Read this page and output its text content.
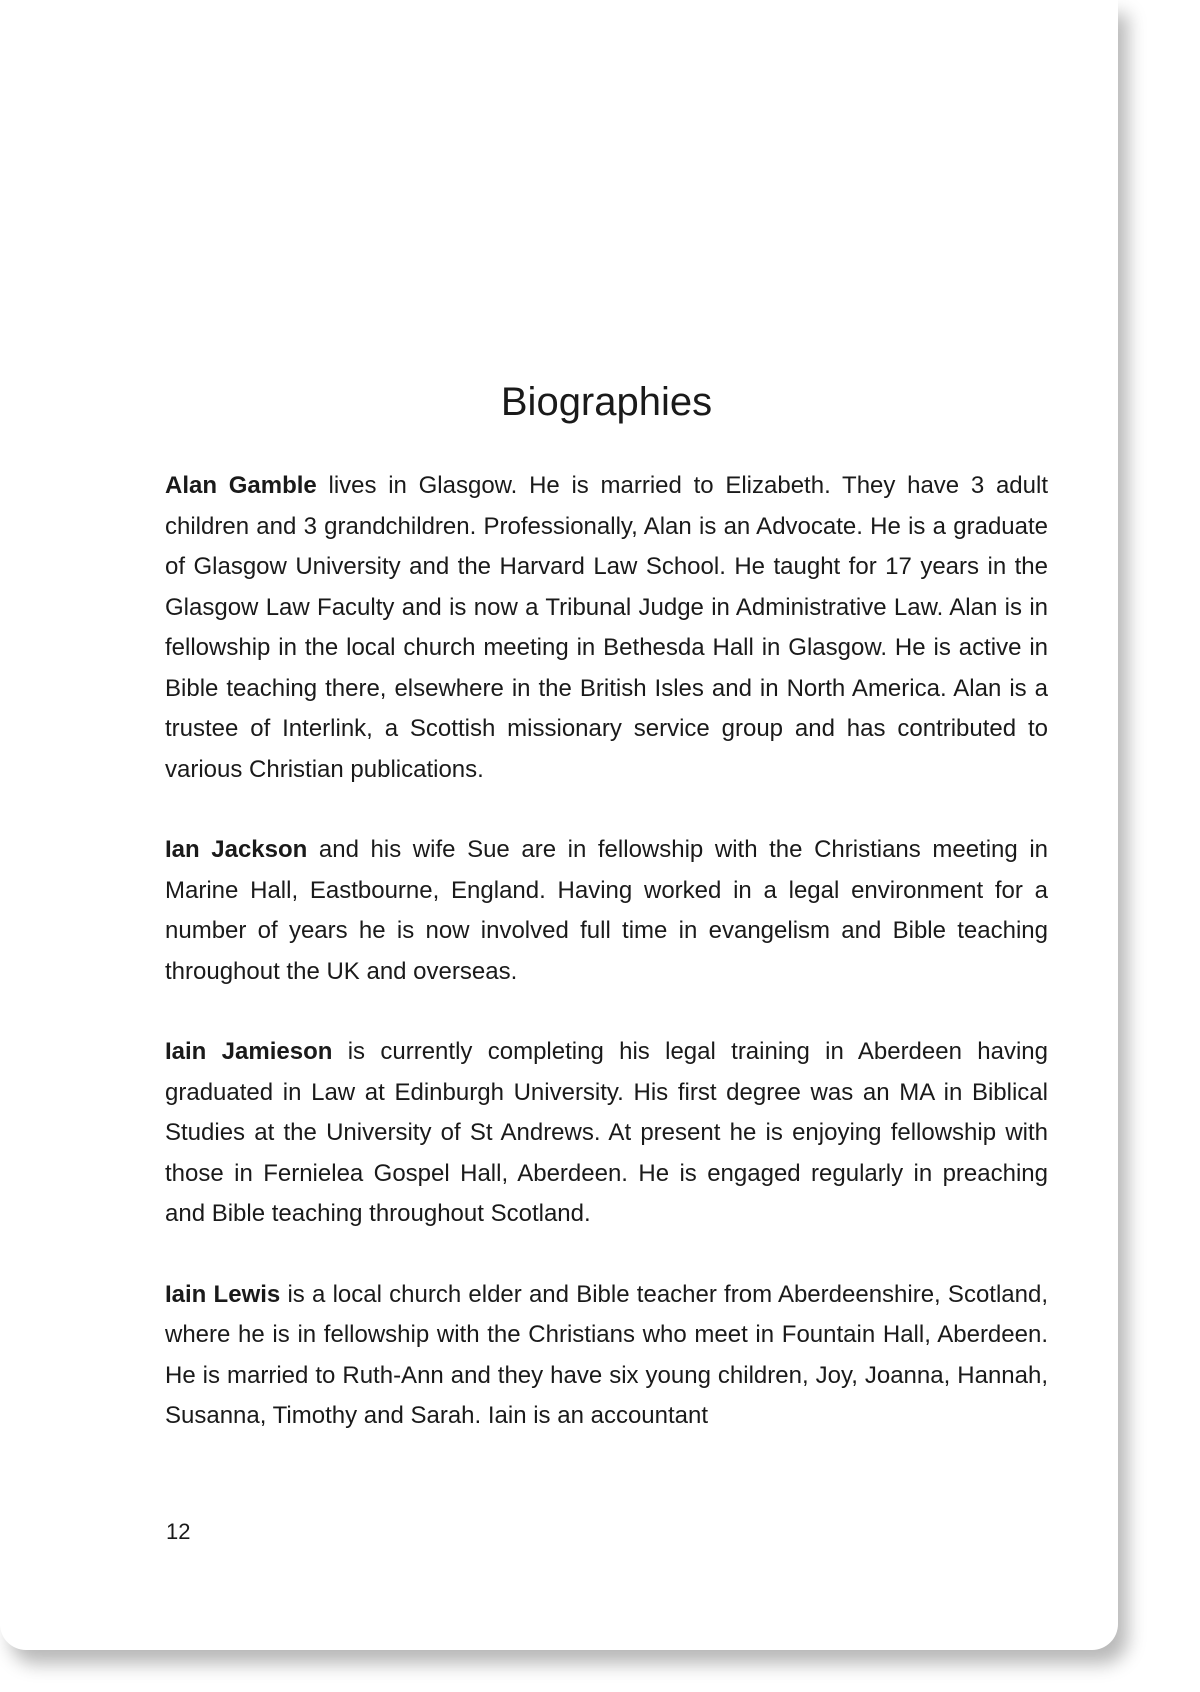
Biographies

Alan Gamble lives in Glasgow. He is married to Elizabeth. They have 3 adult children and 3 grandchildren. Professionally, Alan is an Advocate. He is a graduate of Glasgow University and the Harvard Law School. He taught for 17 years in the Glasgow Law Faculty and is now a Tribunal Judge in Administrative Law. Alan is in fellowship in the local church meeting in Bethesda Hall in Glasgow. He is active in Bible teaching there, elsewhere in the British Isles and in North America. Alan is a trustee of Interlink, a Scottish missionary service group and has contributed to various Christian publications.

Ian Jackson and his wife Sue are in fellowship with the Christians meeting in Marine Hall, Eastbourne, England. Having worked in a legal environment for a number of years he is now involved full time in evangelism and Bible teaching throughout the UK and overseas.

Iain Jamieson is currently completing his legal training in Aberdeen having graduated in Law at Edinburgh University. His first degree was an MA in Biblical Studies at the University of St Andrews. At present he is enjoying fellowship with those in Fernielea Gospel Hall, Aberdeen. He is engaged regularly in preaching and Bible teaching throughout Scotland.

Iain Lewis is a local church elder and Bible teacher from Aberdeenshire, Scotland, where he is in fellowship with the Christians who meet in Fountain Hall, Aberdeen. He is married to Ruth-Ann and they have six young children, Joy, Joanna, Hannah, Susanna, Timothy and Sarah. Iain is an accountant

12
